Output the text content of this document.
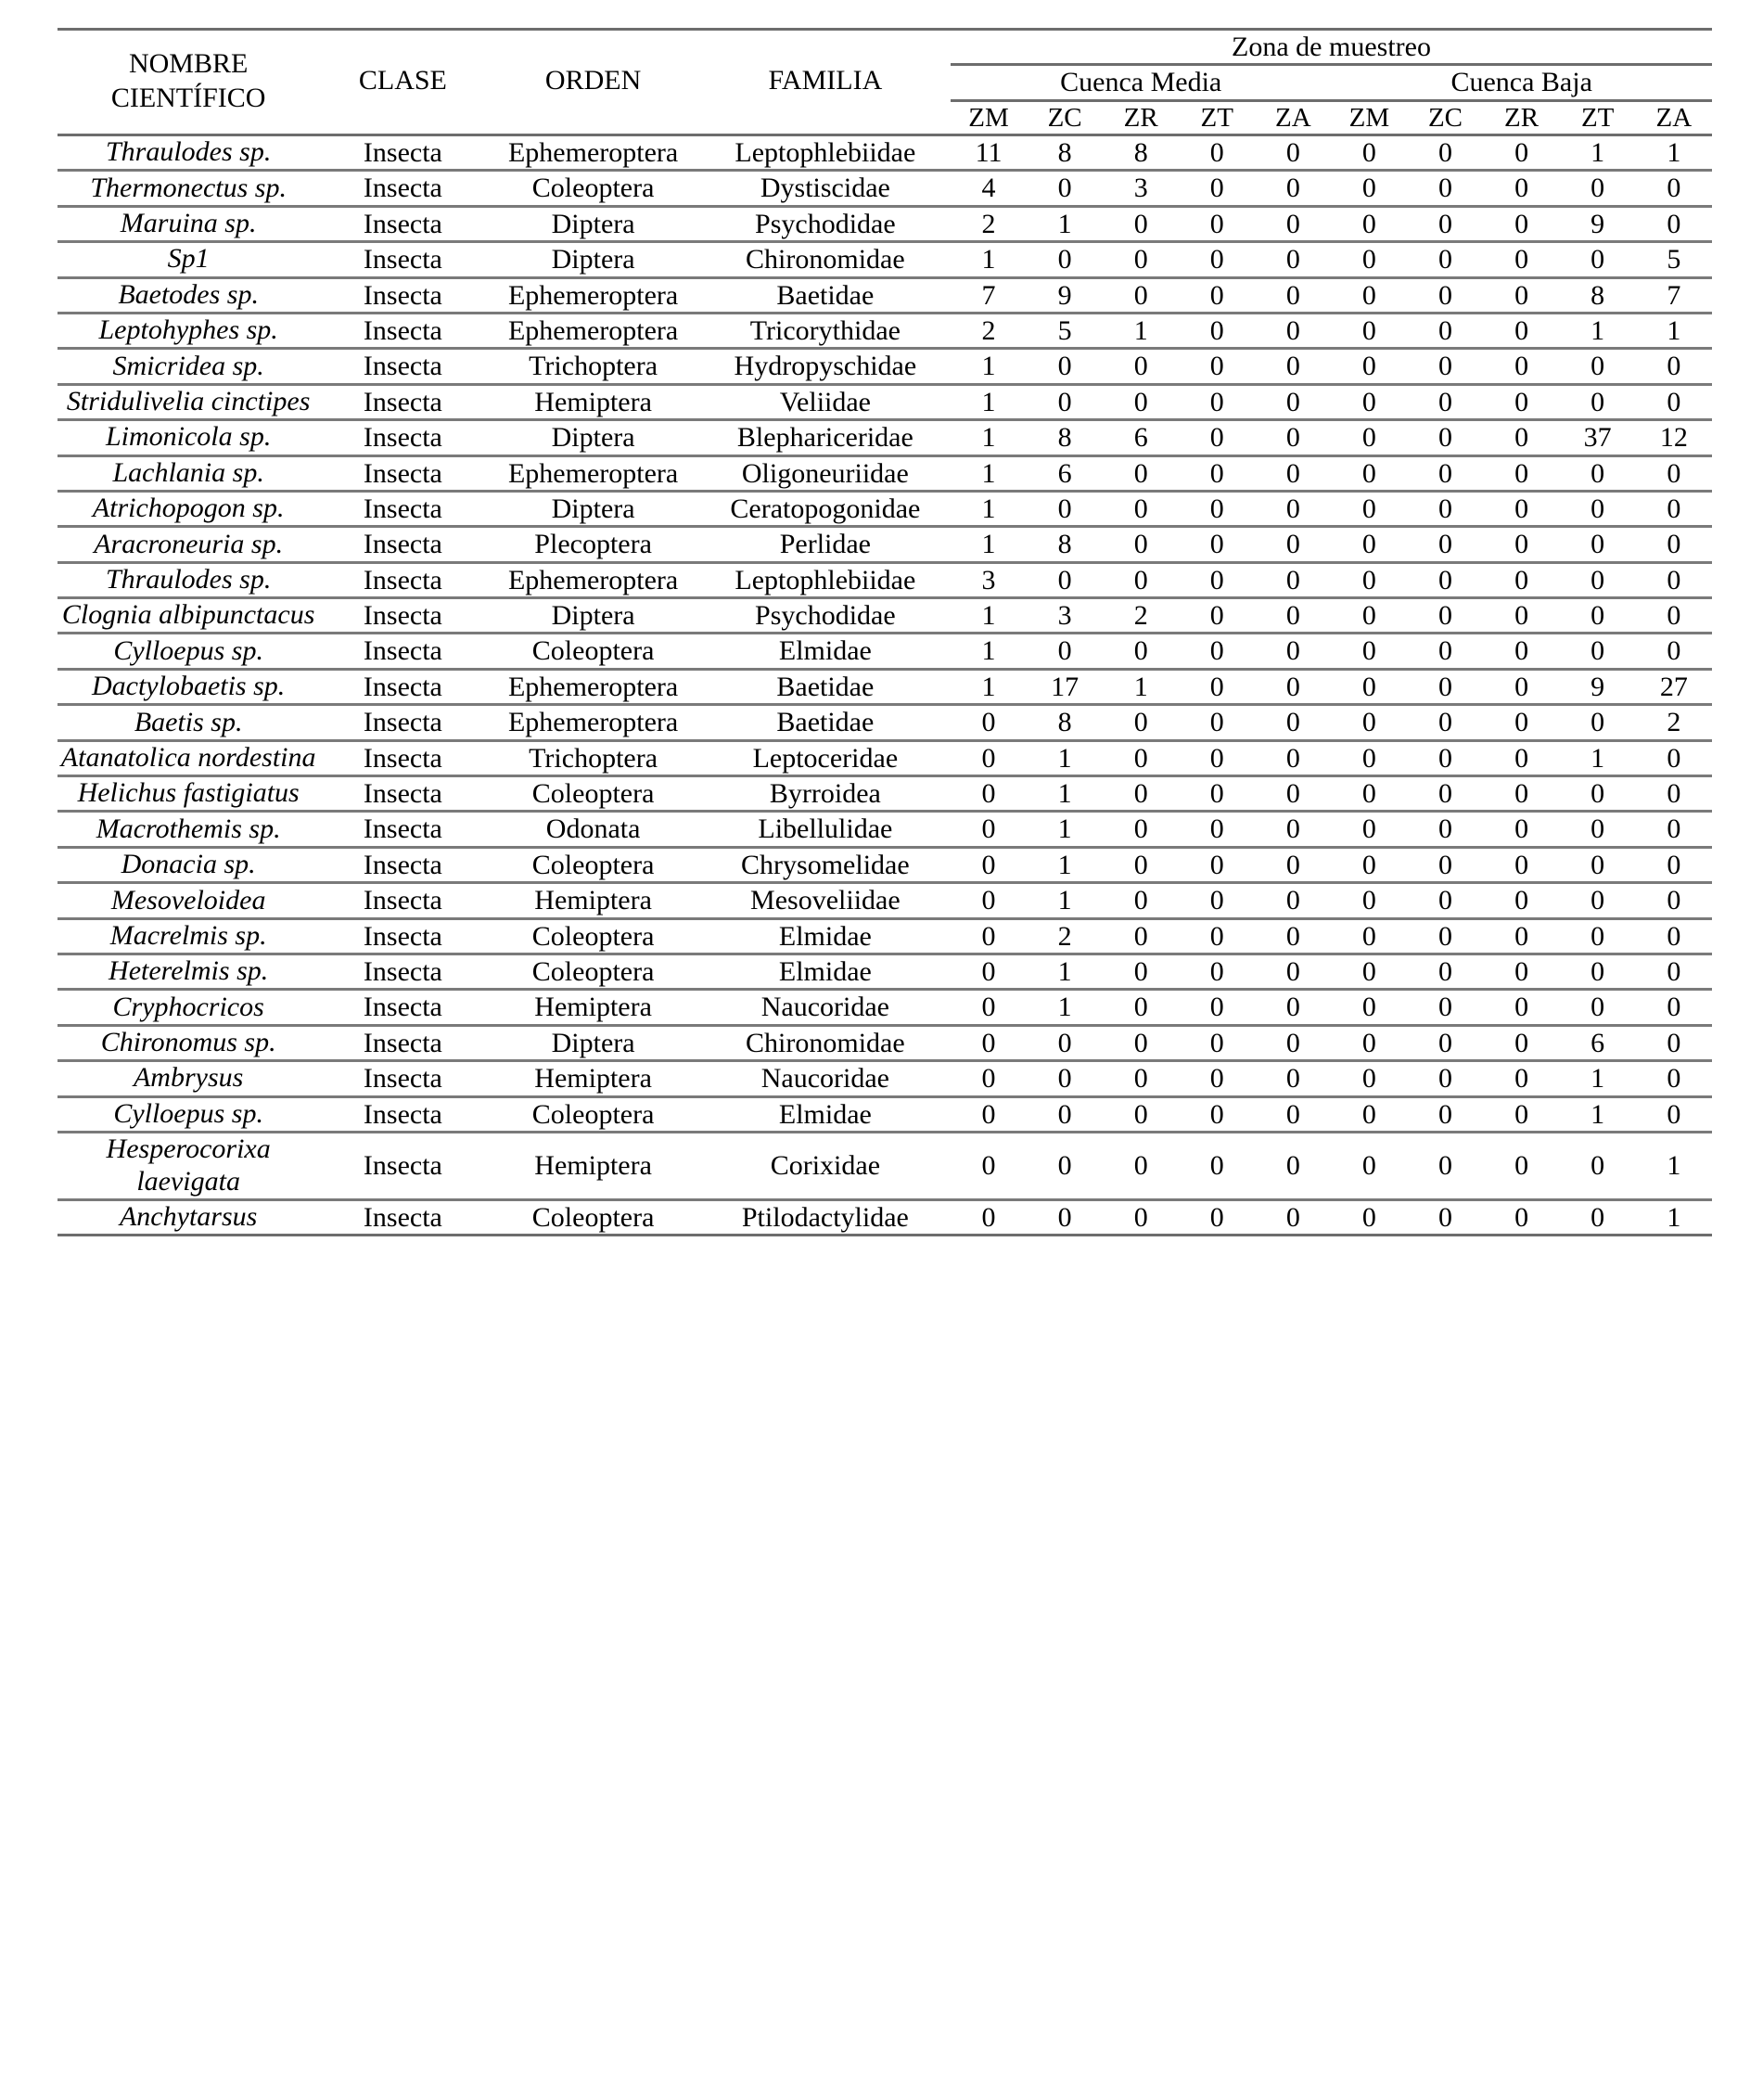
NOMBRE
CIENTÍFICO	CLASE	ORDEN	FAMILIA	Zona de muestreo									
				Cuenca Media					Cuenca Baja				
				ZM	ZC	ZR	ZT	ZA	ZM	ZC	ZR	ZT	ZA
Thraulodes sp.	Insecta	Ephemeroptera	Leptophlebiidae	11	8	8	0	0	0	0	0	1	1
Thermonectus sp.	Insecta	Coleoptera	Dystiscidae	4	0	3	0	0	0	0	0	0	0
Maruina sp.	Insecta	Diptera	Psychodidae	2	1	0	0	0	0	0	0	9	0
Sp1	Insecta	Diptera	Chironomidae	1	0	0	0	0	0	0	0	0	5
Baetodes sp.	Insecta	Ephemeroptera	Baetidae	7	9	0	0	0	0	0	0	8	7
Leptohyphes sp.	Insecta	Ephemeroptera	Tricorythidae	2	5	1	0	0	0	0	0	1	1
Smicridea sp.	Insecta	Trichoptera	Hydropyschidae	1	0	0	0	0	0	0	0	0	0
Stridulivelia cinctipes	Insecta	Hemiptera	Veliidae	1	0	0	0	0	0	0	0	0	0
Limonicola sp.	Insecta	Diptera	Blephariceridae	1	8	6	0	0	0	0	0	37	12
Lachlania sp.	Insecta	Ephemeroptera	Oligoneuriidae	1	6	0	0	0	0	0	0	0	0
Atrichopogon sp.	Insecta	Diptera	Ceratopogonidae	1	0	0	0	0	0	0	0	0	0
Aracroneuria sp.	Insecta	Plecoptera	Perlidae	1	8	0	0	0	0	0	0	0	0
Thraulodes sp.	Insecta	Ephemeroptera	Leptophlebiidae	3	0	0	0	0	0	0	0	0	0
Clognia albipunctacus	Insecta	Diptera	Psychodidae	1	3	2	0	0	0	0	0	0	0
Cylloepus sp.	Insecta	Coleoptera	Elmidae	1	0	0	0	0	0	0	0	0	0
Dactylobaetis sp.	Insecta	Ephemeroptera	Baetidae	1	17	1	0	0	0	0	0	9	27
Baetis sp.	Insecta	Ephemeroptera	Baetidae	0	8	0	0	0	0	0	0	0	2
Atanatolica nordestina	Insecta	Trichoptera	Leptoceridae	0	1	0	0	0	0	0	0	1	0
Helichus fastigiatus	Insecta	Coleoptera	Byrroidea	0	1	0	0	0	0	0	0	0	0
Macrothemis sp.	Insecta	Odonata	Libellulidae	0	1	0	0	0	0	0	0	0	0
Donacia sp.	Insecta	Coleoptera	Chrysomelidae	0	1	0	0	0	0	0	0	0	0
Mesoveloidea	Insecta	Hemiptera	Mesoveliidae	0	1	0	0	0	0	0	0	0	0
Macrelmis sp.	Insecta	Coleoptera	Elmidae	0	2	0	0	0	0	0	0	0	0
Heterelmis sp.	Insecta	Coleoptera	Elmidae	0	1	0	0	0	0	0	0	0	0
Cryphocricos	Insecta	Hemiptera	Naucoridae	0	1	0	0	0	0	0	0	0	0
Chironomus sp.	Insecta	Diptera	Chironomidae	0	0	0	0	0	0	0	0	6	0
Ambrysus	Insecta	Hemiptera	Naucoridae	0	0	0	0	0	0	0	0	1	0
Cylloepus sp.	Insecta	Coleoptera	Elmidae	0	0	0	0	0	0	0	0	1	0
Hesperocorixa laevigata	Insecta	Hemiptera	Corixidae	0	0	0	0	0	0	0	0	0	1
Anchytarsus	Insecta	Coleoptera	Ptilodactylidae	0	0	0	0	0	0	0	0	0	1
